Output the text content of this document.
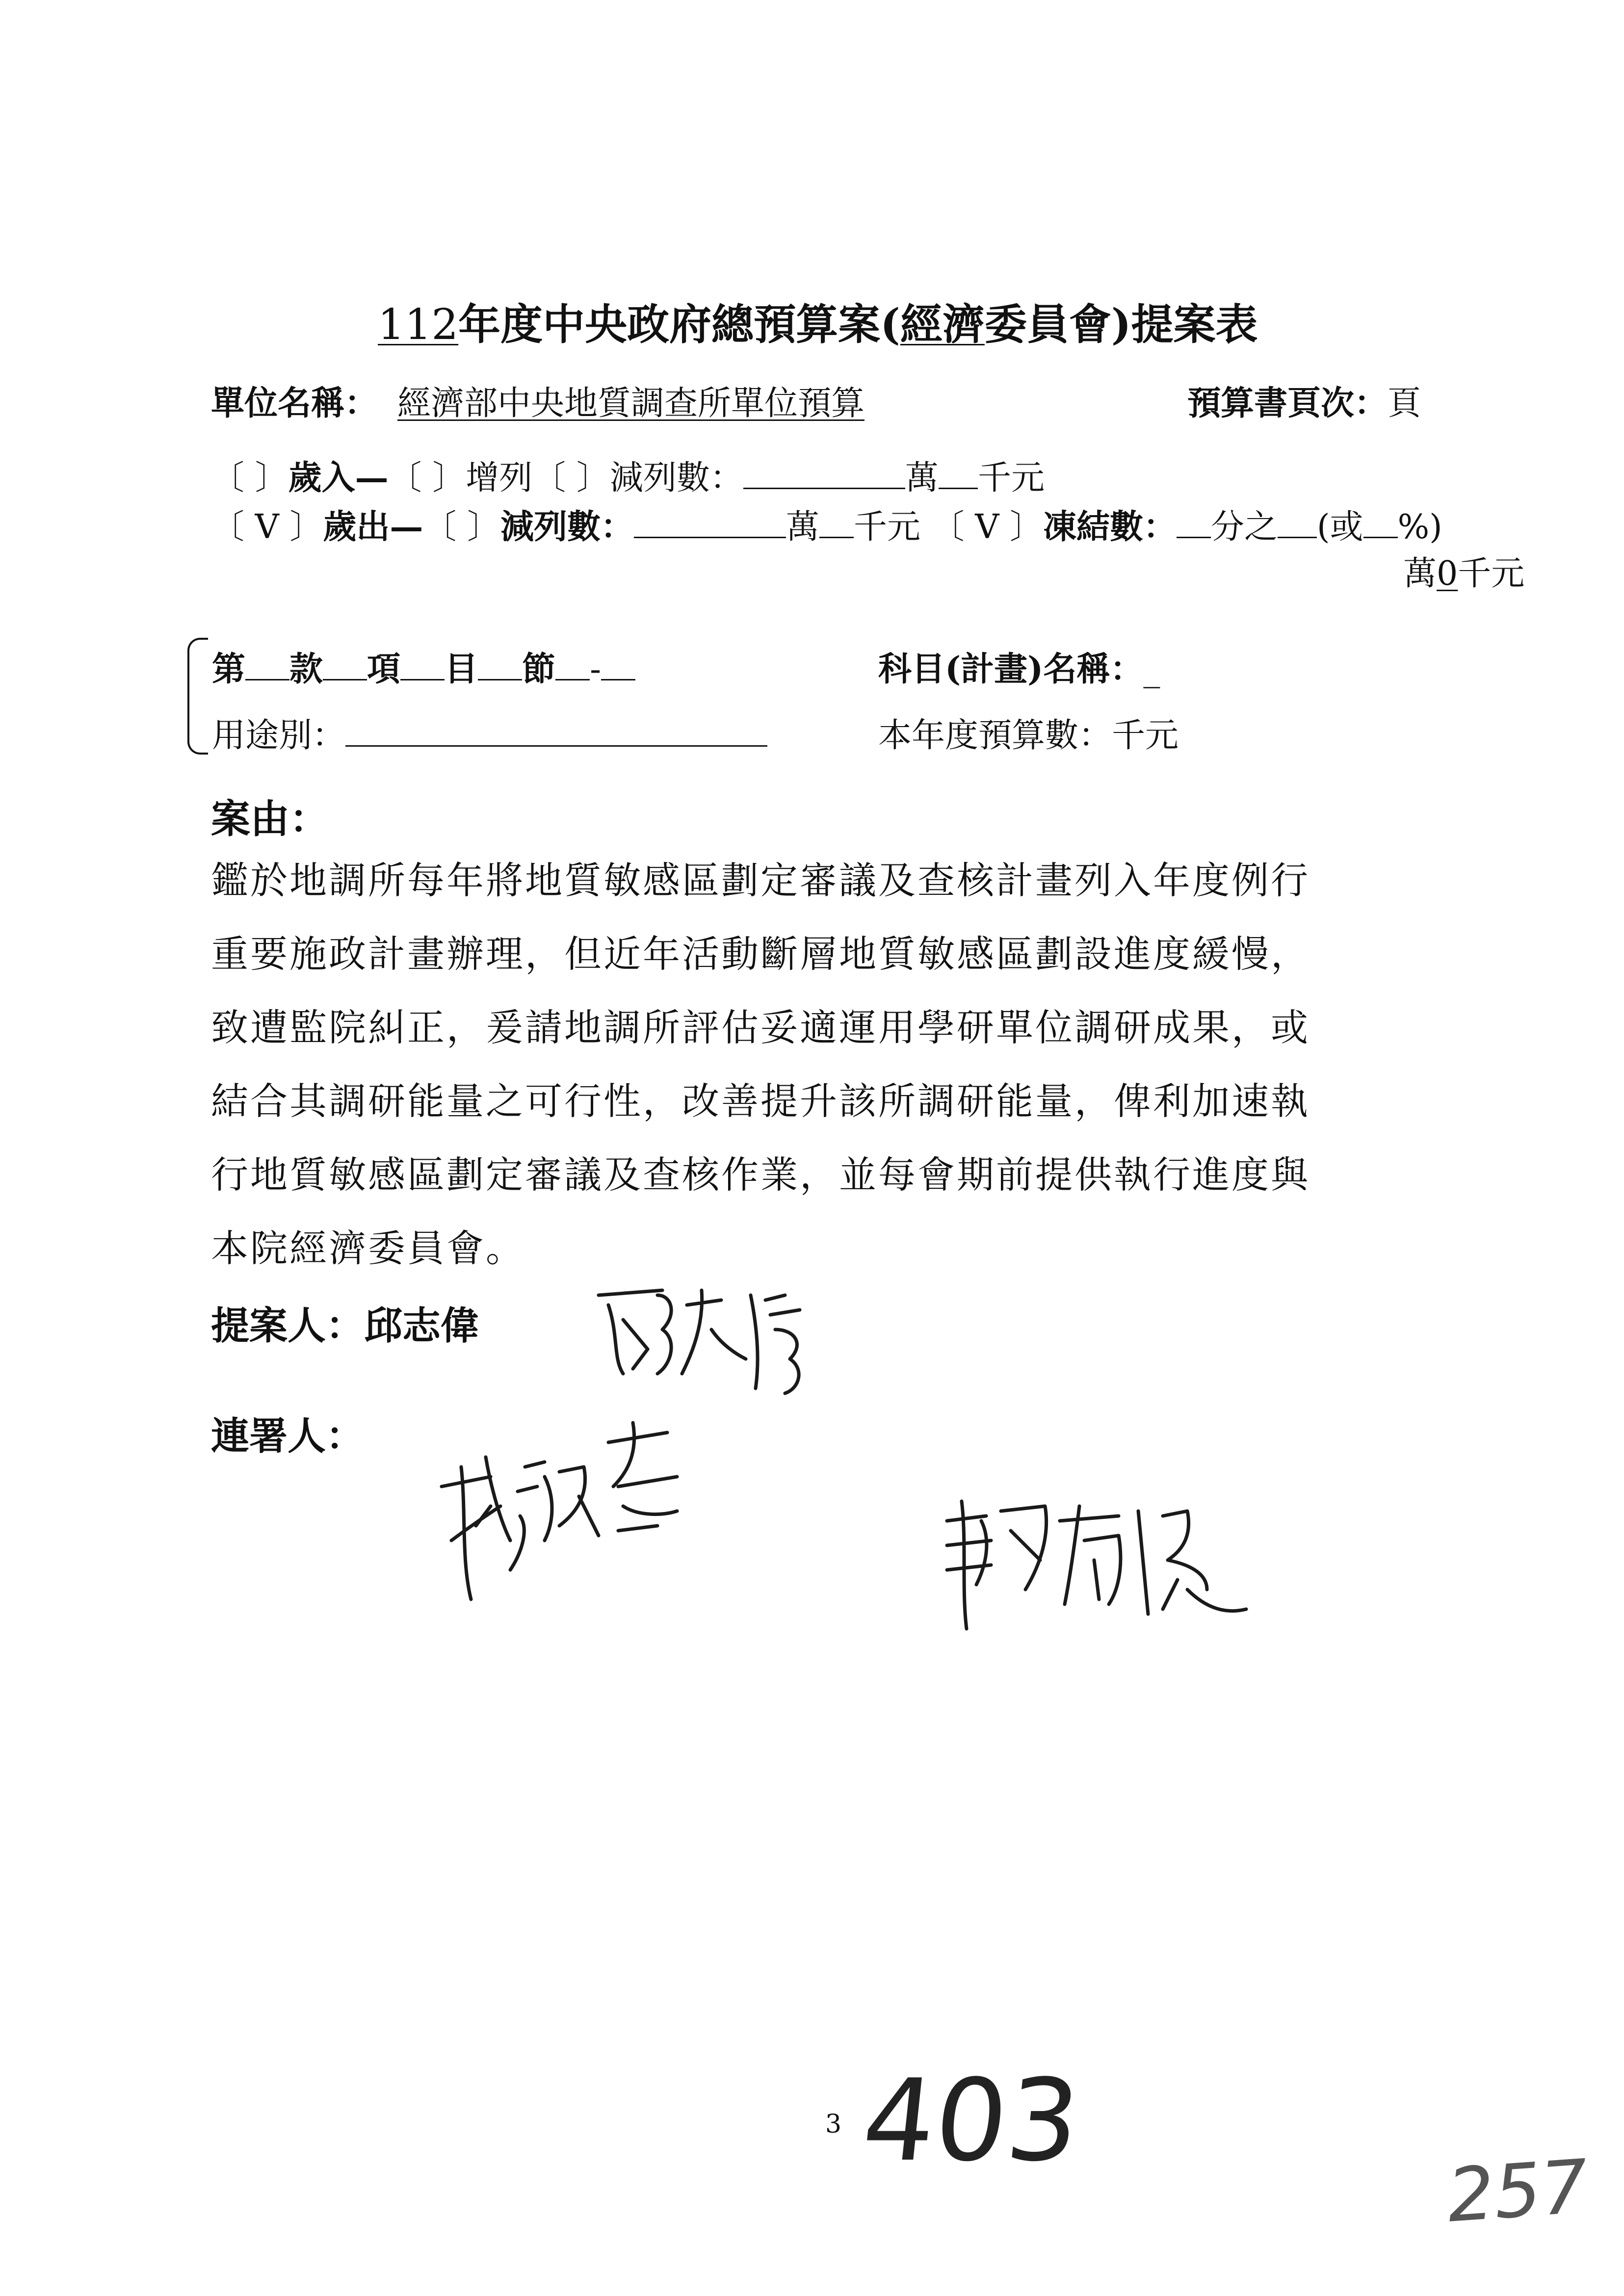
112年度中央政府總預算案(經濟委員會)提案表
單位名稱： 經濟部中央地質調查所單位預算	預算書頁次：頁
〔 〕歲入—〔 〕增列〔 〕減列數：	萬 千元
〔 V 〕歲出—〔 〕減列數：	萬 千元 〔 V 〕凍結數： 分之 (或 %)
萬0千元
第 款 項 目 節 -	科目(計畫)名稱：_
用途別：	本年度預算數：千元
案由：
鑑於地調所每年將地質敏感區劃定審議及查核計畫列入年度例行
重要施政計畫辦理，但近年活動斷層地質敏感區劃設進度緩慢，
致遭監院糾正，爰請地調所評估妥適運用學研單位調研成果，或
結合其調研能量之可行性，改善提升該所調研能量，俾利加速執
行地質敏感區劃定審議及查核作業，並每會期前提供執行進度與
本院經濟委員會。
提案人：邱志偉
連署人：
3 403
257
